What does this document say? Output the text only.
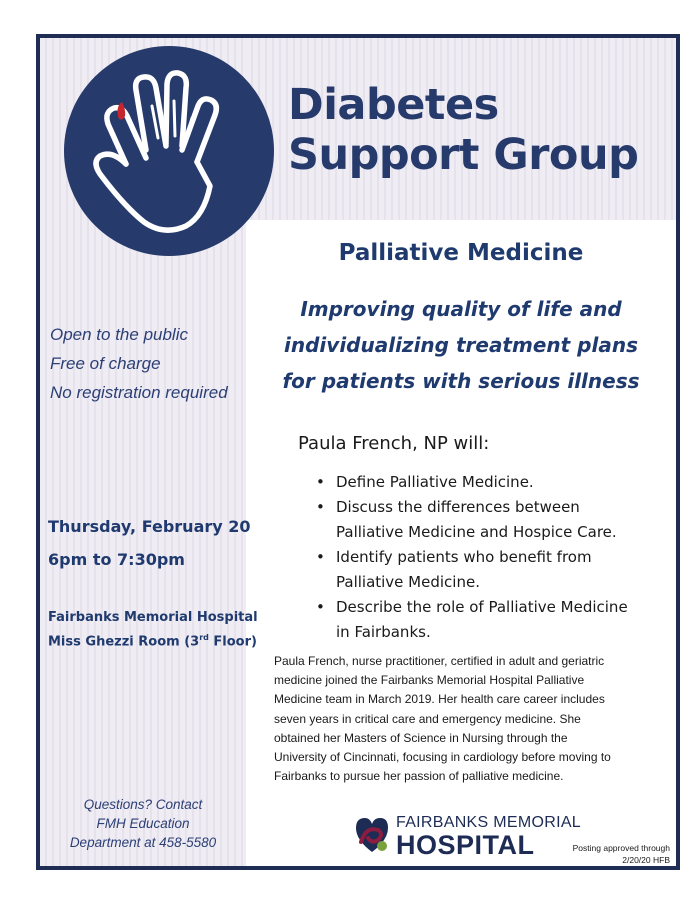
Diabetes
Support Group
Open to the public
Free of charge
No registration required
Thursday, February 20
6pm to 7:30pm
Fairbanks Memorial Hospital
Miss Ghezzi Room (3rd Floor)
Questions? Contact
FMH Education
Department at 458-5580
Palliative Medicine
Improving quality of life and
individualizing treatment plans
for patients with serious illness
Paula French, NP will:
• Define Palliative Medicine.
• Discuss the differences between
Palliative Medicine and Hospice Care.
• Identify patients who benefit from
Palliative Medicine.
• Describe the role of Palliative Medicine
in Fairbanks.
Paula French, nurse practitioner, certified in adult and geriatric
medicine joined the Fairbanks Memorial Hospital Palliative
Medicine team in March 2019. Her health care career includes
seven years in critical care and emergency medicine. She
obtained her Masters of Science in Nursing through the
University of Cincinnati, focusing in cardiology before moving to
Fairbanks to pursue her passion of palliative medicine.
FAIRBANKS MEMORIAL
HOSPITAL	Posting approved through
2/20/20 HFB
